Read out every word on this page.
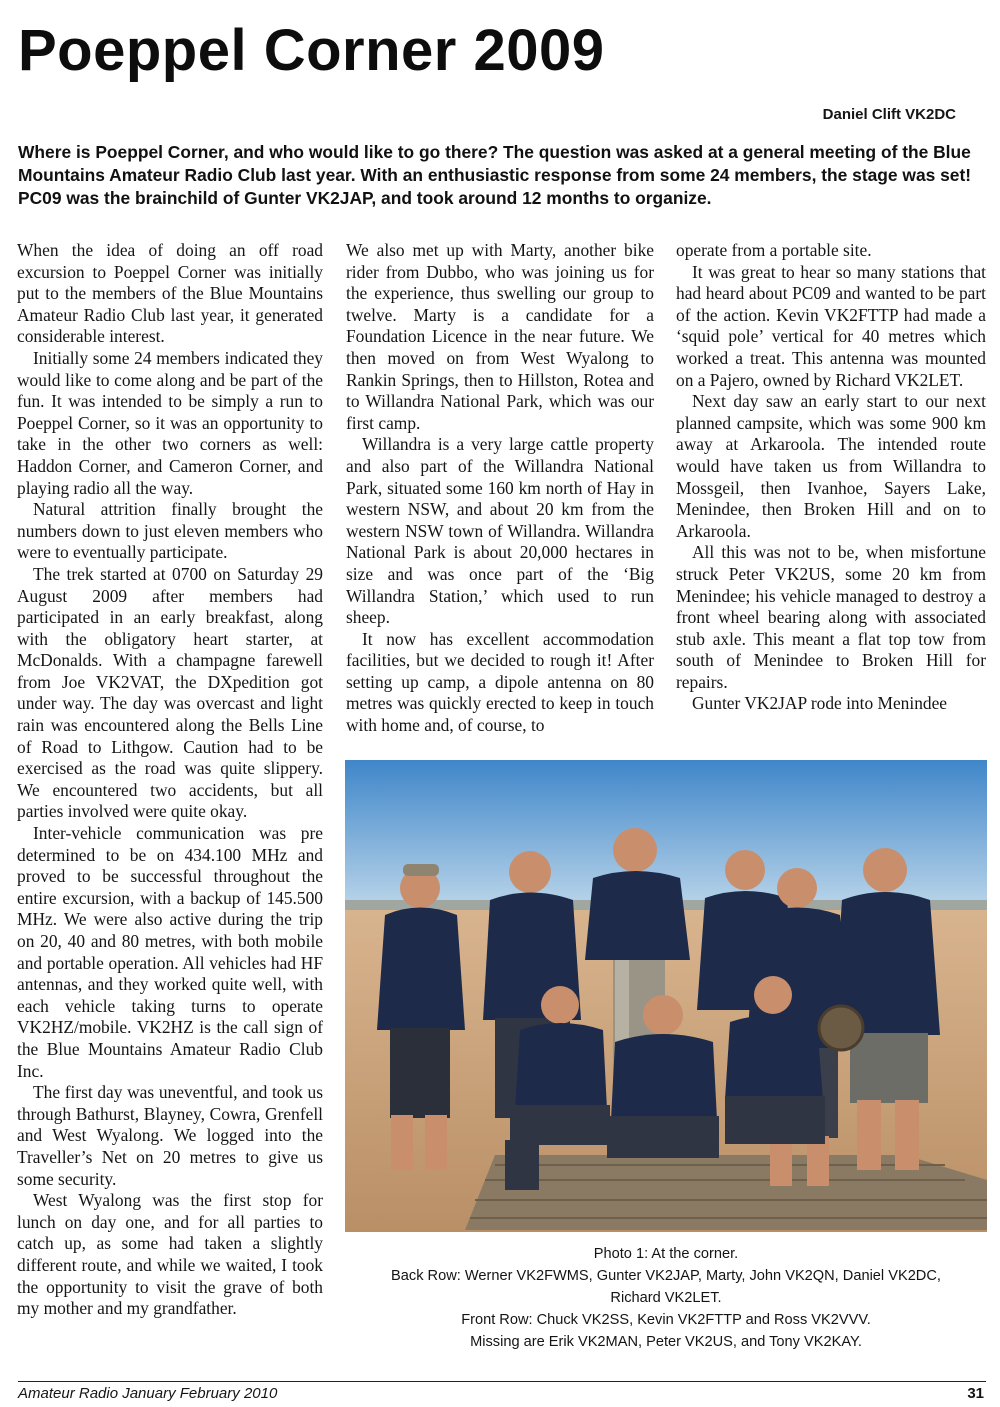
Poeppel Corner 2009
Daniel Clift VK2DC
Where is Poeppel Corner, and who would like to go there? The question was asked at a general meeting of the Blue Mountains Amateur Radio Club last year. With an enthusiastic response from some 24 members, the stage was set! PC09 was the brainchild of Gunter VK2JAP, and took around 12 months to organize.

When the idea of doing an off road excursion to Poeppel Corner was initially put to the members of the Blue Mountains Amateur Radio Club last year, it generated considerable interest.

Initially some 24 members indicated they would like to come along and be part of the fun. It was intended to be simply a run to Poeppel Corner, so it was an opportunity to take in the other two corners as well: Haddon Corner, and Cameron Corner, and playing radio all the way.

Natural attrition finally brought the numbers down to just eleven members who were to eventually participate.

The trek started at 0700 on Saturday 29 August 2009 after members had participated in an early breakfast, along with the obligatory heart starter, at McDonalds. With a champagne farewell from Joe VK2VAT, the DXpedition got under way. The day was overcast and light rain was encountered along the Bells Line of Road to Lithgow. Caution had to be exercised as the road was quite slippery. We encountered two accidents, but all parties involved were quite okay.

Inter-vehicle communication was pre determined to be on 434.100 MHz and proved to be successful throughout the entire excursion, with a backup of 145.500 MHz. We were also active during the trip on 20, 40 and 80 metres, with both mobile and portable operation. All vehicles had HF antennas, and they worked quite well, with each vehicle taking turns to operate VK2HZ/mobile. VK2HZ is the call sign of the Blue Mountains Amateur Radio Club Inc.

The first day was uneventful, and took us through Bathurst, Blayney, Cowra, Grenfell and West Wyalong. We logged into the Traveller’s Net on 20 metres to give us some security.

West Wyalong was the first stop for lunch on day one, and for all parties to catch up, as some had taken a slightly different route, and while we waited, I took the opportunity to visit the grave of both my mother and my grandfather.

We also met up with Marty, another bike rider from Dubbo, who was joining us for the experience, thus swelling our group to twelve. Marty is a candidate for a Foundation Licence in the near future. We then moved on from West Wyalong to Rankin Springs, then to Hillston, Rotea and to Willandra National Park, which was our first camp.

Willandra is a very large cattle property and also part of the Willandra National Park, situated some 160 km north of Hay in western NSW, and about 20 km from the western NSW town of Willandra. Willandra National Park is about 20,000 hectares in size and was once part of the ‘Big Willandra Station,’ which used to run sheep.

It now has excellent accommodation facilities, but we decided to rough it! After setting up camp, a dipole antenna on 80 metres was quickly erected to keep in touch with home and, of course, to

operate from a portable site.

It was great to hear so many stations that had heard about PC09 and wanted to be part of the action. Kevin VK2FTTP had made a ‘squid pole’ vertical for 40 metres which worked a treat. This antenna was mounted on a Pajero, owned by Richard VK2LET.

Next day saw an early start to our next planned campsite, which was some 900 km away at Arkaroola. The intended route would have taken us from Willandra to Mossgeil, then Ivanhoe, Sayers Lake, Menindee, then Broken Hill and on to Arkaroola.

All this was not to be, when misfortune struck Peter VK2US, some 20 km from Menindee; his vehicle managed to destroy a front wheel bearing along with associated stub axle. This meant a flat top tow from south of Menindee to Broken Hill for repairs.

Gunter VK2JAP rode into Menindee

Photo 1: At the corner.
Back Row: Werner VK2FWMS, Gunter VK2JAP, Marty, John VK2QN, Daniel VK2DC,
Richard VK2LET.
Front Row: Chuck VK2SS, Kevin VK2FTTP and Ross VK2VVV.
Missing are Erik VK2MAN, Peter VK2US, and Tony VK2KAY.
Amateur Radio January February 2010	31
